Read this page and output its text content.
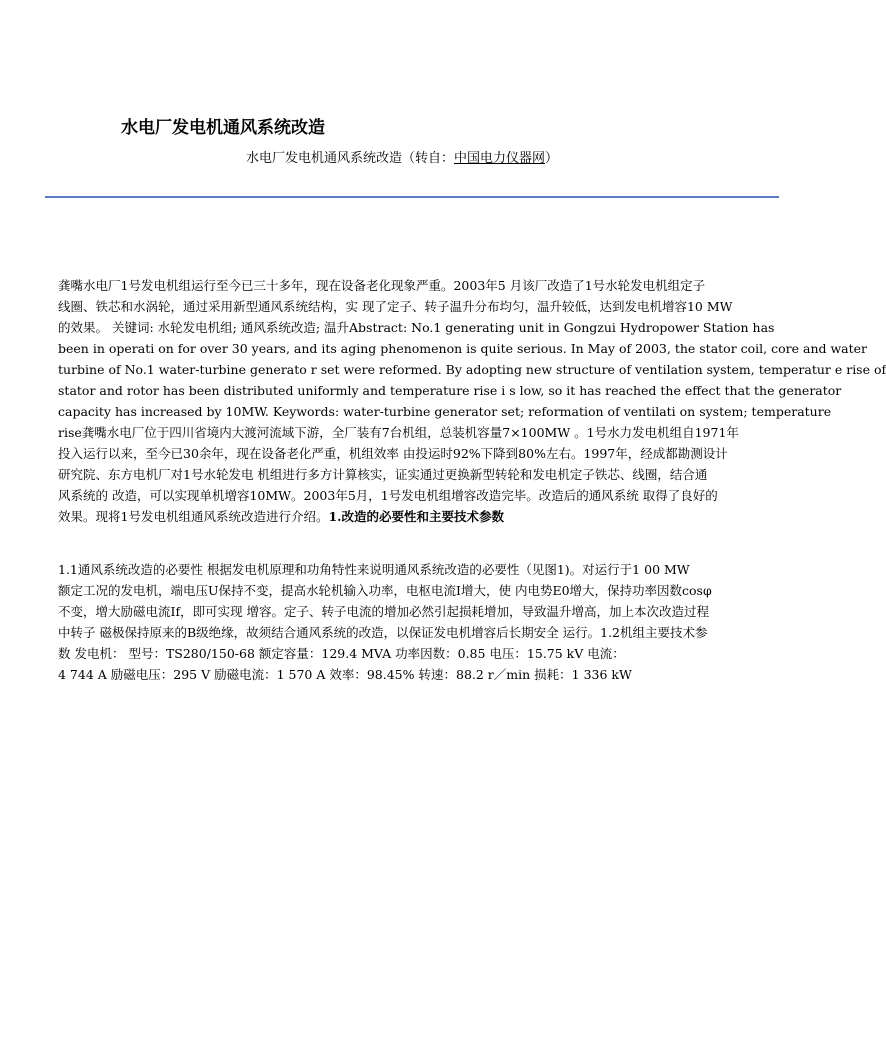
水电厂发电机通风系统改造
水电厂发电机通风系统改造（转自：中国电力仪器网）
龚嘴水电厂1号发电机组运行至今已三十多年，现在设备老化现象严重。2003年5 月该厂改造了1号水轮发电机组定子
线圈、铁芯和水涡轮，通过采用新型通风系统结构，实 现了定子、转子温升分布均匀，温升较低，达到发电机增容10 MW
的效果。 关键词: 水轮发电机组; 通风系统改造; 温升Abstract: No.1 generating unit in Gongzui Hydropower Station has
been in operati on for over 30 years, and its aging phenomenon is quite serious. In May of 2003, the stator coil, core and water
turbine of No.1 water-turbine generato r set were reformed. By adopting new structure of ventilation system, temperatur e rise of
stator and rotor has been distributed uniformly and temperature rise i s low, so it has reached the effect that the generator
capacity has increased by 10MW. Keywords: water-turbine generator set; reformation of ventilati on system; temperature
rise龚嘴水电厂位于四川省境内大渡河流域下游，全厂装有7台机组，总装机容量7×100MW 。1号水力发电机组自1971年
投入运行以来，至今已30余年，现在设备老化严重，机组效率 由投运时92%下降到80%左右。1997年，经成都勘测设计
研究院、东方电机厂对1号水轮发电 机组进行多方计算核实，证实通过更换新型转轮和发电机定子铁芯、线圈，结合通
风系统的 改造，可以实现单机增容10MW。2003年5月，1号发电机组增容改造完毕。改造后的通风系统 取得了良好的
效果。现将1号发电机组通风系统改造进行介绍。1.改造的必要性和主要技术参数
1.1通风系统改造的必要性 根据发电机原理和功角特性来说明通风系统改造的必要性（见图1)。对运行于1 00 MW
额定工况的发电机，端电压U保持不变，提高水轮机输入功率，电枢电流I增大，使 内电势E0增大，保持功率因数cosφ
不变，增大励磁电流If，即可实现 增容。定子、转子电流的增加必然引起损耗增加，导致温升增高，加上本次改造过程
中转子 磁极保持原来的B级绝缘，故须结合通风系统的改造，以保证发电机增容后长期安全 运行。1.2机组主要技术参
数 发电机： 型号：TS280/150-68 额定容量：129.4 MVA 功率因数：0.85 电压：15.75 kV 电流：
4 744 A 励磁电压：295 V 励磁电流：1 570 A 效率：98.45% 转速：88.2 r／min 损耗：1 336 kW
